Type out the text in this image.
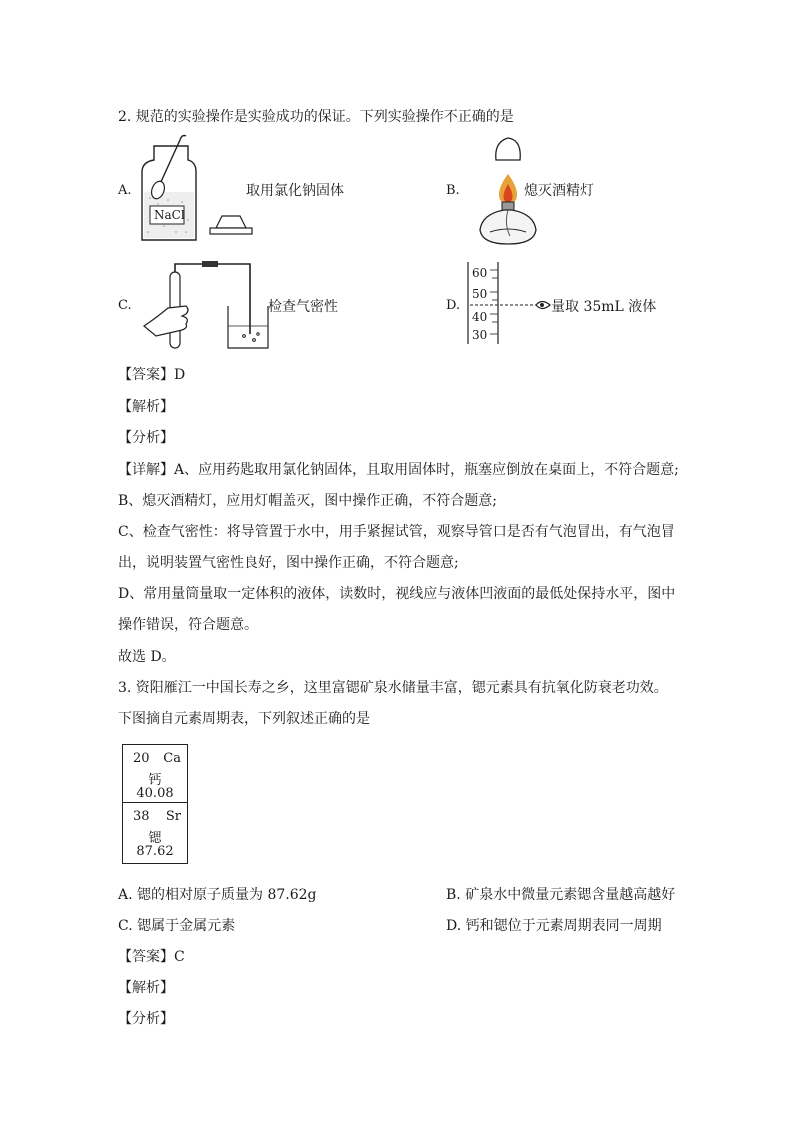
2. 规范的实验操作是实验成功的保证。下列实验操作不正确的是
A.
NaCl
取用氯化钠固体	B.	熄灭酒精灯
C.	检查气密性	D.
60
50
40
30
量取 35mL 液体
【答案】D
【解析】
【分析】
【详解】A、应用药匙取用氯化钠固体，且取用固体时，瓶塞应倒放在桌面上，不符合题意;
B、熄灭酒精灯，应用灯帽盖灭，图中操作正确，不符合题意;
C、检查气密性：将导管置于水中，用手紧握试管，观察导管口是否有气泡冒出，有气泡冒
出，说明装置气密性良好，图中操作正确，不符合题意;
D、常用量筒量取一定体积的液体，读数时，视线应与液体凹液面的最低处保持水平，图中
操作错误，符合题意。
故选 D。
3. 资阳雁江一中国长寿之乡，这里富锶矿泉水储量丰富，锶元素具有抗氧化防衰老功效。
下图摘自元素周期表，下列叙述正确的是
20 Ca
钙
40.08
38 Sr
锶
87.62
A. 锶的相对原子质量为 87.62g	B. 矿泉水中微量元素锶含量越高越好
C. 锶属于金属元素	D. 钙和锶位于元素周期表同一周期
【答案】C
【解析】
【分析】
